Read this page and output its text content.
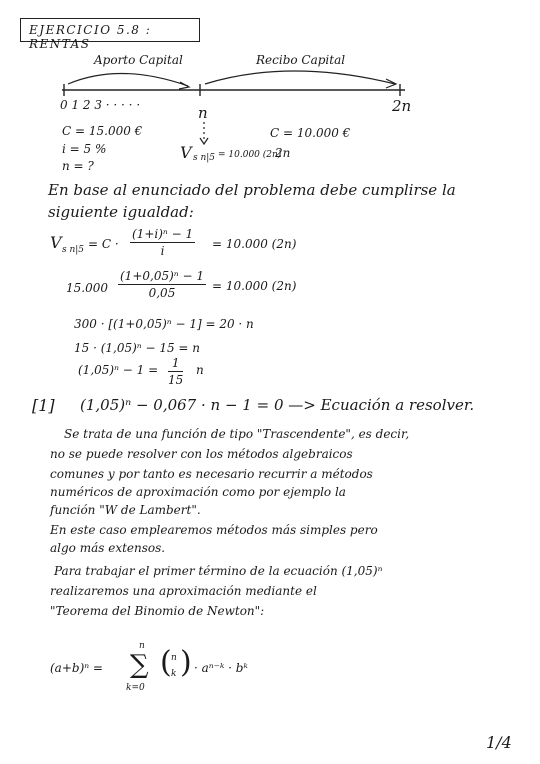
EJERCICIO 5.8 : RENTAS
Aporto Capital	Recibo Capital
0 1 2 3 · · · · ·	n	2n
C = 15.000 €
i = 5 %
n = ?
C = 10.000 €
V s n|5 = 10.000 (2n)
2n
En base al enunciado del problema debe cumplirse la
siguiente igualdad:
V s $n|5 = C \cdot \frac{\text{(1+i)ⁿ − 1}}{i} = 10.000$ (2n)
$15.000 \frac{\text{(1+0,05)ⁿ − 1}}{0,05} = 10.000$ (2n)
300 · [(1+0,05)ⁿ − 1] = 20 · n
15 · (1,05)ⁿ − 15 = n
$(1,05)^n - 1 = \frac{1}{15}$ n
[1] (1,05)ⁿ − 0,067 · n − 1 = 0 —> Ecuación a resolver.
Se trata de una función de tipo "Trascendente", es decir,
no se puede resolver con los métodos algebraicos
comunes y por tanto es necesario recurrir a métodos
numéricos de aproximación como por ejemplo la
función "W de Lambert".
En este caso emplearemos métodos más simples pero
algo más extensos.
Para trabajar el primer término de la ecuación (1,05)ⁿ
realizaremos una aproximación mediante el
"Teorema del Binomio de Newton":
(a+b)ⁿ =
n
∑
k=0
( n
k ) · aⁿ⁻ᵏ · bᵏ
1/4
